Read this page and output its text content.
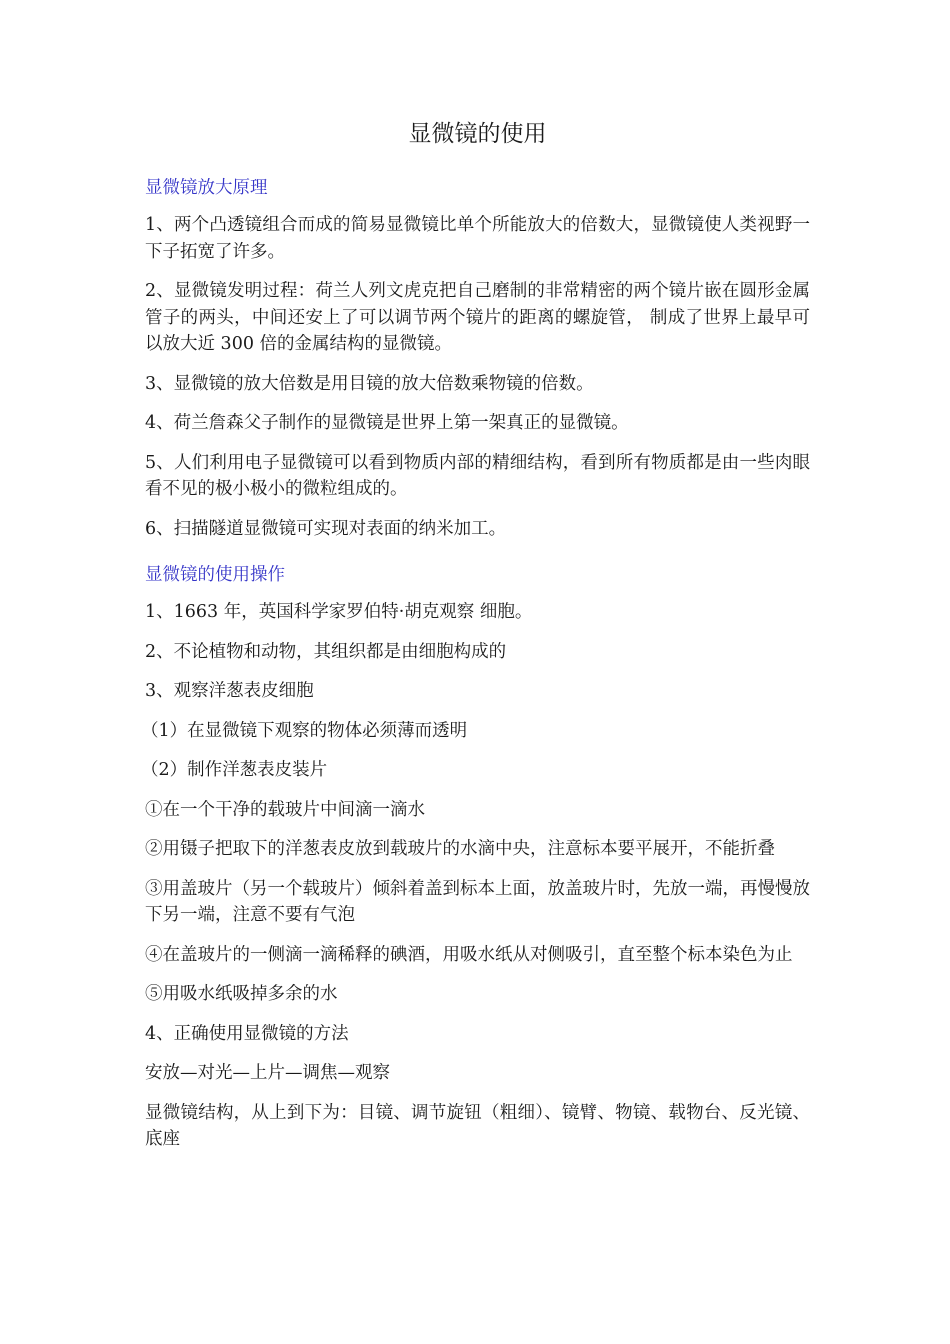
显微镜的使用
显微镜放大原理

1、两个凸透镜组合而成的简易显微镜比单个所能放大的倍数大，显微镜使人类视野一下子拓宽了许多。

2、显微镜发明过程：荷兰人列文虎克把自己磨制的非常精密的两个镜片嵌在圆形金属管子的两头，中间还安上了可以调节两个镜片的距离的螺旋管， 制成了世界上最早可以放大近 300 倍的金属结构的显微镜。

3、显微镜的放大倍数是用目镜的放大倍数乘物镜的倍数。

4、荷兰詹森父子制作的显微镜是世界上第一架真正的显微镜。

5、人们利用电子显微镜可以看到物质内部的精细结构，看到所有物质都是由一些肉眼看不见的极小极小的微粒组成的。

6、扫描隧道显微镜可实现对表面的纳米加工。

显微镜的使用操作

1、1663 年，英国科学家罗伯特·胡克观察 细胞。

2、不论植物和动物，其组织都是由细胞构成的

3、观察洋葱表皮细胞

（1）在显微镜下观察的物体必须薄而透明

（2）制作洋葱表皮装片

①在一个干净的载玻片中间滴一滴水

②用镊子把取下的洋葱表皮放到载玻片的水滴中央，注意标本要平展开，不能折叠

③用盖玻片（另一个载玻片）倾斜着盖到标本上面，放盖玻片时，先放一端，再慢慢放下另一端，注意不要有气泡

④在盖玻片的一侧滴一滴稀释的碘酒，用吸水纸从对侧吸引，直至整个标本染色为止

⑤用吸水纸吸掉多余的水

4、正确使用显微镜的方法

安放—对光—上片—调焦—观察

显微镜结构，从上到下为：目镜、调节旋钮（粗细）、镜臂、物镜、载物台、反光镜、底座
